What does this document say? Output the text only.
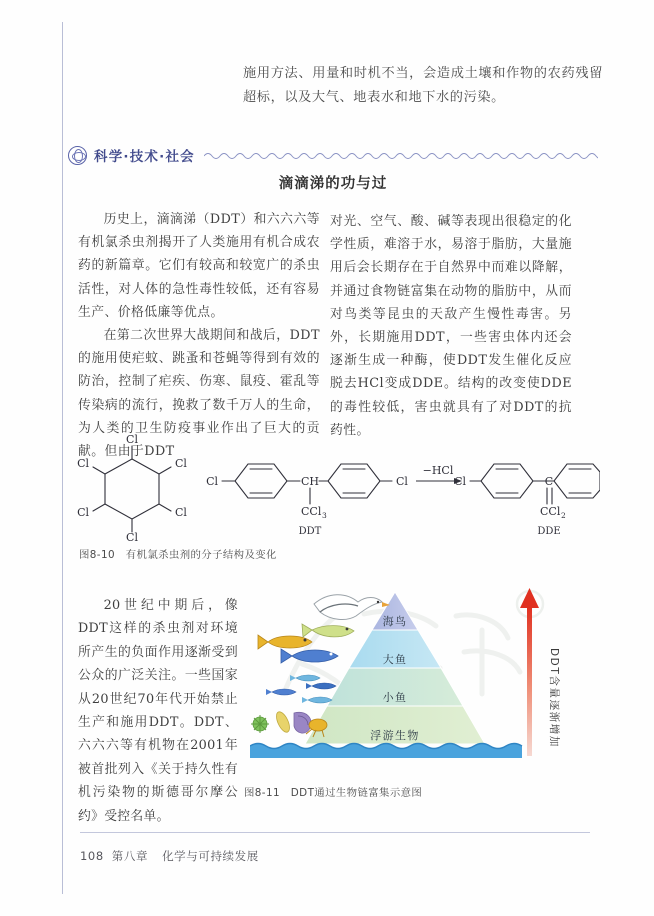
施用方法、用量和时机不当，会造成土壤和作物的农药残留超标，以及大气、地表水和地下水的污染。
科学·技术·社会
滴滴涕的功与过

历史上，滴滴涕（DDT）和六六六等有机氯杀虫剂揭开了人类施用有机合成农药的新篇章。它们有较高和较宽广的杀虫活性，对人体的急性毒性较低，还有容易生产、价格低廉等优点。

在第二次世界大战期间和战后，DDT的施用使疟蚊、跳蚤和苍蝇等得到有效的防治，控制了疟疾、伤寒、鼠疫、霍乱等传染病的流行，挽救了数千万人的生命，为人类的卫生防疫事业作出了巨大的贡献。但由于DDT

对光、空气、酸、碱等表现出很稳定的化学性质，难溶于水，易溶于脂肪，大量施用后会长期存在于自然界中而难以降解，并通过食物链富集在动物的脂肪中，从而对鸟类等昆虫的天敌产生慢性毒害。另外，长期施用DDT，一些害虫体内还会逐渐生成一种酶，使DDT发生催化反应脱去HCl变成DDE。结构的改变使DDE的毒性较低，害虫就具有了对DDT的抗药性。

Cl
Cl
Cl
Cl
Cl
Cl
Cl	CH	Cl
CCl 3
DDT
−HCl
Cl	C
CCl 2
DDE
图8-10　有机氯杀虫剂的分子结构及变化

20世纪中期后，像DDT这样的杀虫剂对环境所产生的负面作用逐渐受到公众的广泛关注。一些国家从20世纪70年代开始禁止生产和施用DDT。DDT、六六六等有机物在2001年被首批列入《关于持久性有机污染物的斯德哥尔摩公约》受控名单。

海鸟
大鱼
小鱼
浮游生物	DDT含量逐渐增加
图8-11　DDT通过生物链富集示意图
108 第八章 化学与可持续发展
